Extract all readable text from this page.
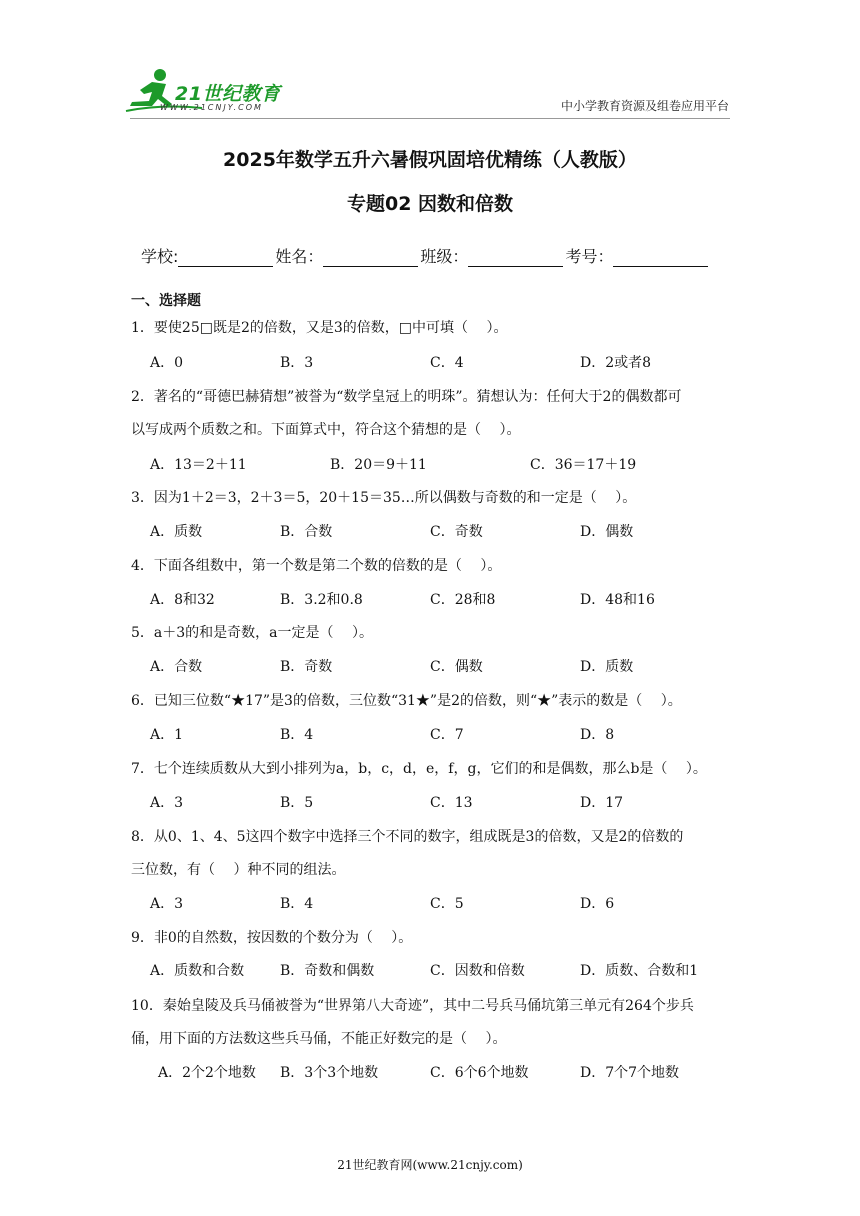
21世纪教育
WWW.21CNJY.COM	中小学教育资源及组卷应用平台
2025年数学五升六暑假巩固培优精练（人教版）
专题02 因数和倍数
学校:	姓名：	班级：	考号：
一、选择题
1．要使25□既是2的倍数，又是3的倍数，□中可填（　 ）。
A．0	B．3	C．4	D．2或者8
2．著名的“哥德巴赫猜想”被誉为“数学皇冠上的明珠”。猜想认为：任何大于2的偶数都可
以写成两个质数之和。下面算式中，符合这个猜想的是（　 ）。
A．13＝2＋11	B．20＝9＋11	C．36＝17＋19
3．因为1＋2＝3，2＋3＝5，20＋15＝35…所以偶数与奇数的和一定是（　 ）。
A．质数	B．合数	C．奇数	D．偶数
4．下面各组数中，第一个数是第二个数的倍数的是（　 ）。
A．8和32	B．3.2和0.8	C．28和8	D．48和16
5．a＋3的和是奇数，a一定是（　 ）。
A．合数	B．奇数	C．偶数	D．质数
6．已知三位数“★17”是3的倍数，三位数“31★”是2的倍数，则“★”表示的数是（　 ）。
A．1	B．4	C．7	D．8
7．七个连续质数从大到小排列为a，b，c，d，e，f，g，它们的和是偶数，那么b是（　 ）。
A．3	B．5	C．13	D．17
8．从0、1、4、5这四个数字中选择三个不同的数字，组成既是3的倍数，又是2的倍数的
三位数，有（　 ）种不同的组法。
A．3	B．4	C．5	D．6
9．非0的自然数，按因数的个数分为（　 ）。
A．质数和合数	B．奇数和偶数	C．因数和倍数	D．质数、合数和1
10．秦始皇陵及兵马俑被誉为“世界第八大奇迹”，其中二号兵马俑坑第三单元有264个步兵
俑，用下面的方法数这些兵马俑，不能正好数完的是（　 ）。
A．2个2个地数 B．3个3个地数	C．6个6个地数	D．7个7个地数
21世纪教育网(www.21cnjy.com)
